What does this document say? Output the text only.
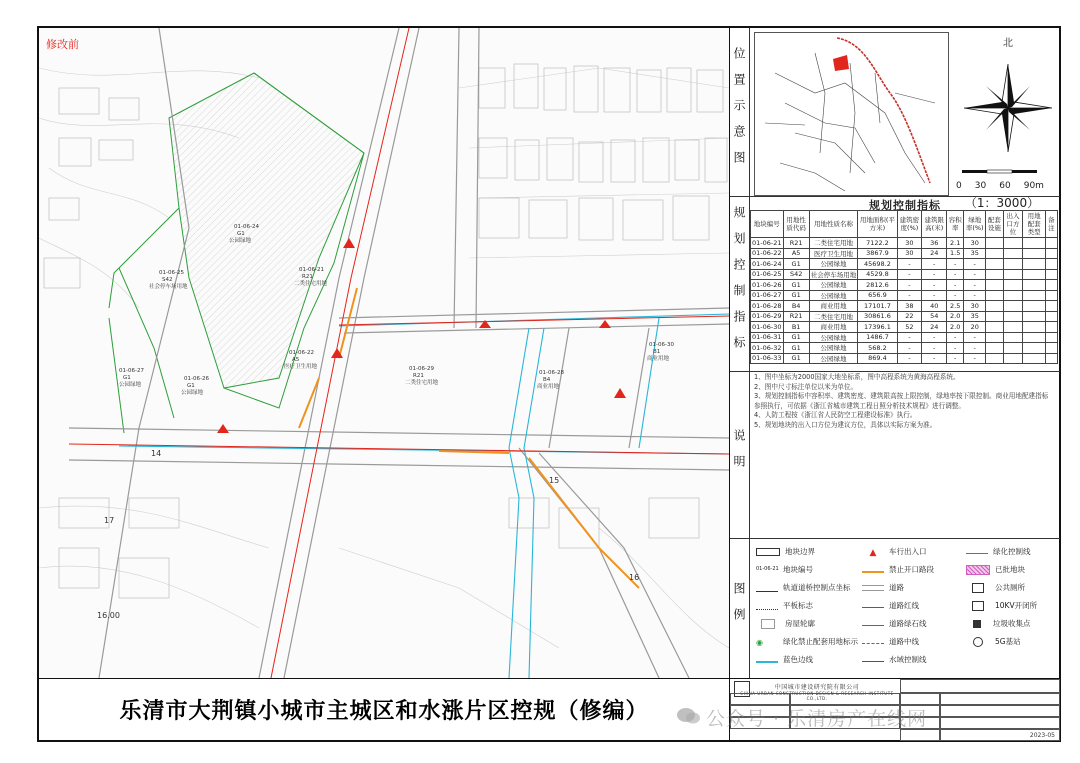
01-06-24
G1
公园绿地
01-06-21
R21
二类住宅用地
01-06-25
S42
社会停车场用地
01-06-27
G1
公园绿地
01-06-26
G1
公园绿地
01-06-22
A5
医疗卫生用地	01-06-29
R21
二类住宅用地
01-06-28
B4
商业用地
01-06-30
B1
商业用地
14
15
16
17
16.00
修改前
位置示意图
北
0 30 60 90m
（1：3000）
规划控制指标	规划控制指标
地块编号	用地性质代码	用地性质名称	用地面积(平方米)	建筑密度(%)	建筑限高(米)	容积率	绿地率(%)	配套设施	出入口方位	用地配套类型	备注
01-06-21	R21	二类住宅用地	7122.2	30	36	2.1	30				
01-06-22	A5	医疗卫生用地	3867.9	30	24	1.5	35				
01-06-24	G1	公园绿地	45698.2	-	-	-	-				
01-06-25	S42	社会停车场用地	4529.8	-	-	-	-				
01-06-26	G1	公园绿地	2812.6	-	-	-	-				
01-06-27	G1	公园绿地	656.9	-	-	-	-				
01-06-28	B4	商业用地	17101.7	38	40	2.5	30				
01-06-29	R21	二类住宅用地	30861.6	22	54	2.0	35				
01-06-30	B1	商业用地	17396.1	52	24	2.0	20				
01-06-31	G1	公园绿地	1486.7	-	-	-	-				
01-06-32	G1	公园绿地	568.2	-	-	-	-				
01-06-33	G1	公园绿地	869.4	-	-	-	-				
说明

1、图中坐标为2000国家大地坐标系，图中高程系统为黄海高程系统。

2、图中尺寸标注单位以米为单位。

3、规划控制指标中容积率、建筑密度、建筑限高按上限控制，绿地率按下限控制。商业用地配建指标参照执行，可依据《浙江省城市建筑工程日照分析技术规程》进行调整。

4、人防工程按《浙江省人民防空工程建设标准》执行。

5、规划地块的出入口方位为建议方位，具体以实际方案为准。

图例
地块边界
01-06-21 地块编号
轨道道桥控制点坐标
平板标志
房屋轮廓
◉	绿化禁止配套用地标示
蓝色边线
▲	车行出入口
禁止开口路段
道路
道路红线
道路绿石线
道路中线
水域控制线
绿化控制线
已批地块
公共厕所
10KV开闭所
垃圾收集点
5G基站
乐清市大荆镇小城市主城区和水涨片区控规（修编）
中国城市建设研究院有限公司
CHINA URBAN CONSTRUCTION DESIGN & RESEARCH INSTITUTE CO.,LTD.
2023-05
公众号 · 乐清房产在线网
